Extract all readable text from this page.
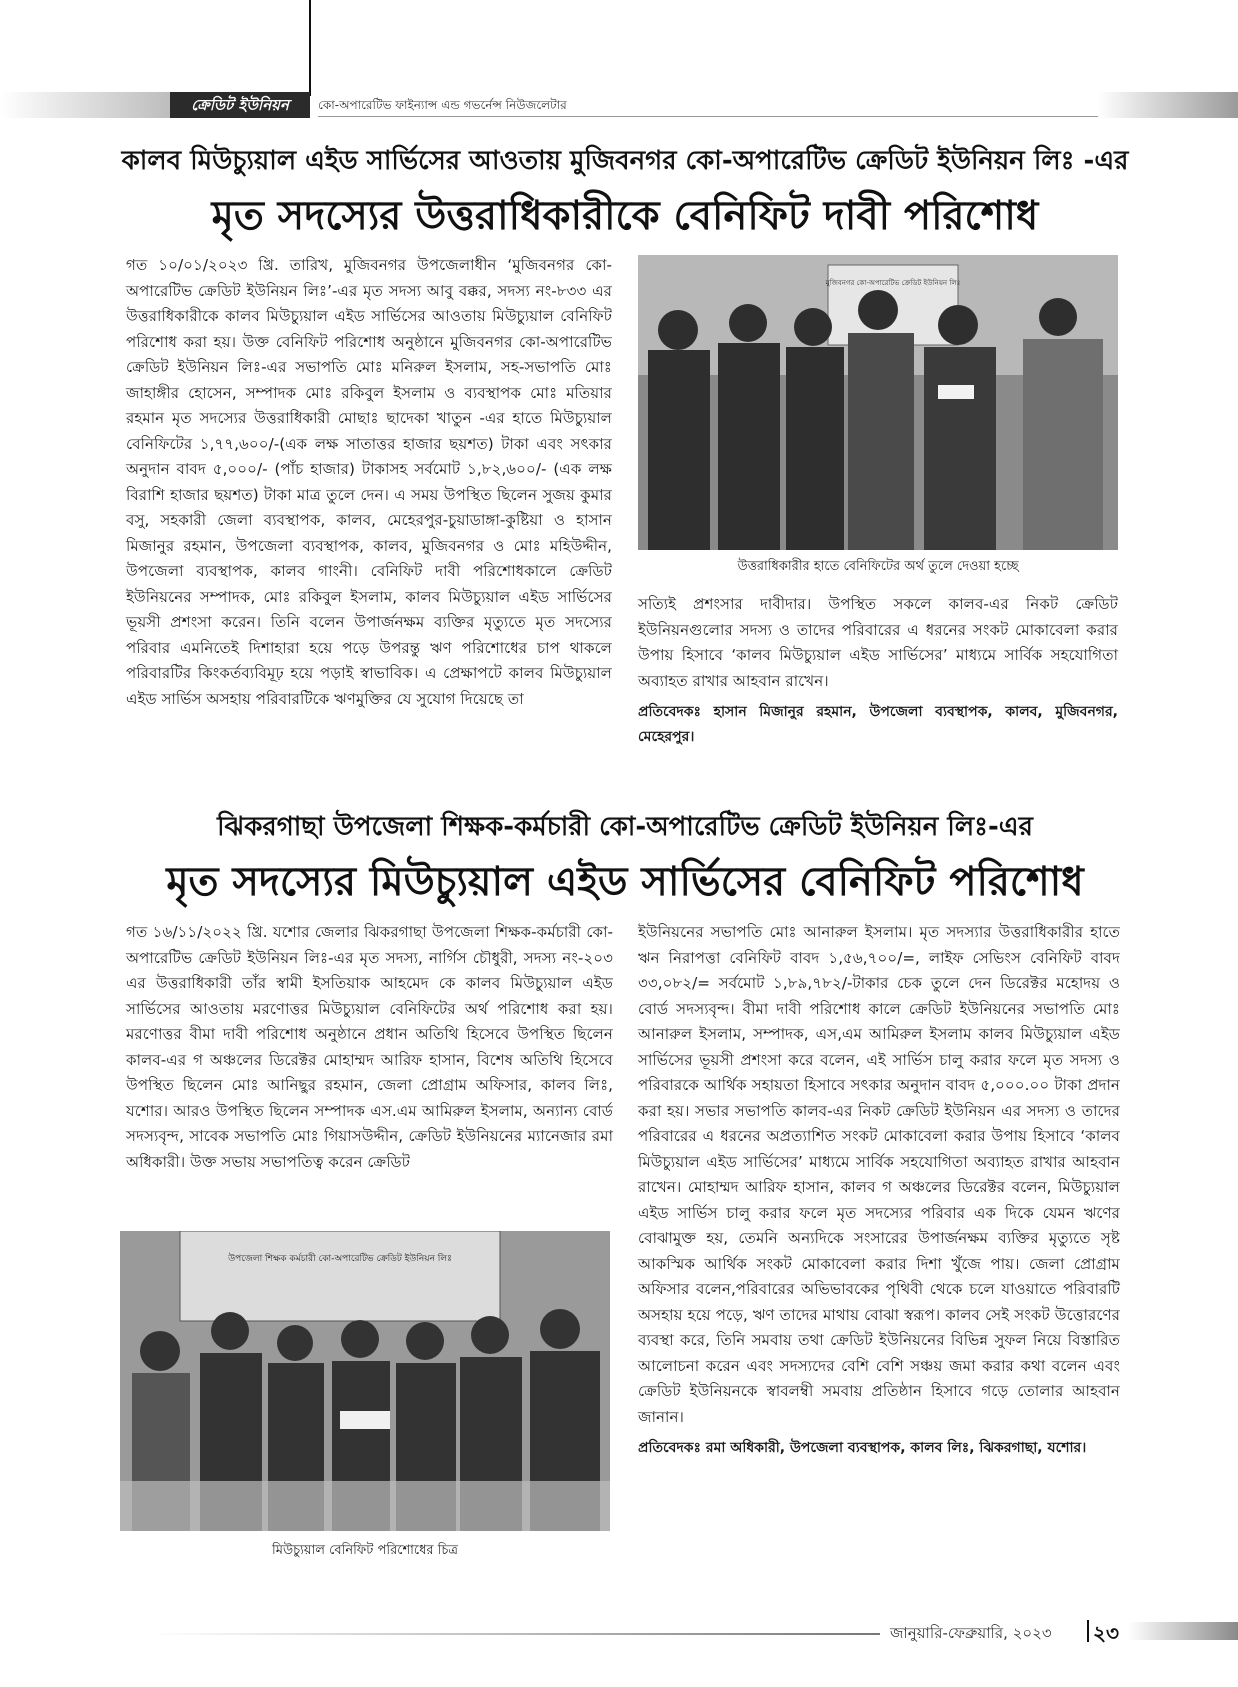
ক্রেডিট ইউনিয়ন	কো-অপারেটিভ ফাইন্যান্স এন্ড গভর্নেন্স নিউজলেটার
কালব মিউচ্যুয়াল এইড সার্ভিসের আওতায় মুজিবনগর কো-অপারেটিভ ক্রেডিট ইউনিয়ন লিঃ -এর
মৃত সদস্যের উত্তরাধিকারীকে বেনিফিট দাবী পরিশোধ

গত ১০/০১/২০২৩ খ্রি. তারিখ, মুজিবনগর উপজেলাধীন ‘মুজিবনগর কো-অপারেটিভ ক্রেডিট ইউনিয়ন লিঃ’-এর মৃত সদস্য আবু বক্কর, সদস্য নং-৮৩৩ এর উত্তরাধিকারীকে কালব মিউচ্যুয়াল এইড সার্ভিসের আওতায় মিউচ্যুয়াল বেনিফিট পরিশোধ করা হয়। উক্ত বেনিফিট পরিশোধ অনুষ্ঠানে মুজিবনগর কো-অপারেটিভ ক্রেডিট ইউনিয়ন লিঃ-এর সভাপতি মোঃ মনিরুল ইসলাম, সহ-সভাপতি মোঃ জাহাঙ্গীর হোসেন, সম্পাদক মোঃ রকিবুল ইসলাম ও ব্যবস্থাপক মোঃ মতিয়ার রহমান মৃত সদস্যের উত্তরাধিকারী মোছাঃ ছাদেকা খাতুন -এর হাতে মিউচ্যুয়াল বেনিফিটের ১,৭৭,৬০০/-(এক লক্ষ সাতাত্তর হাজার ছয়শত) টাকা এবং সৎকার অনুদান বাবদ ৫,০০০/- (পাঁচ হাজার) টাকাসহ সর্বমোট ১,৮২,৬০০/- (এক লক্ষ বিরাশি হাজার ছয়শত) টাকা মাত্র তুলে দেন। এ সময় উপস্থিত ছিলেন সুজয় কুমার বসু, সহকারী জেলা ব্যবস্থাপক, কালব, মেহেরপুর-চুয়াডাঙ্গা-কুষ্টিয়া ও হাসান মিজানুর রহমান, উপজেলা ব্যবস্থাপক, কালব, মুজিবনগর ও মোঃ মহিউদ্দীন, উপজেলা ব্যবস্থাপক, কালব গাংনী। বেনিফিট দাবী পরিশোধকালে ক্রেডিট ইউনিয়নের সম্পাদক, মোঃ রকিবুল ইসলাম, কালব মিউচ্যুয়াল এইড সার্ভিসের ভূয়সী প্রশংসা করেন। তিনি বলেন উপার্জনক্ষম ব্যক্তির মৃত্যুতে মৃত সদস্যের পরিবার এমনিতেই দিশাহারা হয়ে পড়ে উপরন্তু ঋণ পরিশোধের চাপ থাকলে পরিবারটির কিংকর্তব্যবিমূঢ় হয়ে পড়াই স্বাভাবিক। এ প্রেক্ষাপটে কালব মিউচ্যুয়াল এইড সার্ভিস অসহায় পরিবারটিকে ঋণমুক্তির যে সুযোগ দিয়েছে তা

মুজিবনগর কো-অপারেটিভ ক্রেডিট ইউনিয়ন লিঃ
উত্তরাধিকারীর হাতে বেনিফিটের অর্থ তুলে দেওয়া হচ্ছে

সত্যিই প্রশংসার দাবীদার। উপস্থিত সকলে কালব-এর নিকট ক্রেডিট ইউনিয়নগুলোর সদস্য ও তাদের পরিবারের এ ধরনের সংকট মোকাবেলা করার উপায় হিসাবে ‘কালব মিউচ্যুয়াল এইড সার্ভিসের’ মাধ্যমে সার্বিক সহযোগিতা অব্যাহত রাখার আহবান রাখেন।

প্রতিবেদকঃ হাসান মিজানুর রহমান, উপজেলা ব্যবস্থাপক, কালব, মুজিবনগর, মেহেরপুর।

ঝিকরগাছা উপজেলা শিক্ষক-কর্মচারী কো-অপারেটিভ ক্রেডিট ইউনিয়ন লিঃ-এর
মৃত সদস্যের মিউচ্যুয়াল এইড সার্ভিসের বেনিফিট পরিশোধ

গত ১৬/১১/২০২২ খ্রি. যশোর জেলার ঝিকরগাছা উপজেলা শিক্ষক-কর্মচারী কো-অপারেটিভ ক্রেডিট ইউনিয়ন লিঃ-এর মৃত সদস্য, নার্গিস চৌধুরী, সদস্য নং-২০৩ এর উত্তরাধিকারী তাঁর স্বামী ইসতিয়াক আহমেদ কে কালব মিউচ্যুয়াল এইড সার্ভিসের আওতায় মরণোত্তর মিউচ্যুয়াল বেনিফিটের অর্থ পরিশোধ করা হয়। মরণোত্তর বীমা দাবী পরিশোধ অনুষ্ঠানে প্রধান অতিথি হিসেবে উপস্থিত ছিলেন কালব-এর গ অঞ্চলের ডিরেক্টর মোহাম্মদ আরিফ হাসান, বিশেষ অতিথি হিসেবে উপস্থিত ছিলেন মোঃ আনিছুর রহমান, জেলা প্রোগ্রাম অফিসার, কালব লিঃ, যশোর। আরও উপস্থিত ছিলেন সম্পাদক এস.এম আমিরুল ইসলাম, অন্যান্য বোর্ড সদস্যবৃন্দ, সাবেক সভাপতি মোঃ গিয়াসউদ্দীন, ক্রেডিট ইউনিয়নের ম্যানেজার রমা অধিকারী। উক্ত সভায় সভাপতিত্ব করেন ক্রেডিট

উপজেলা শিক্ষক কর্মচারী কো-অপারেটিভ ক্রেডিট ইউনিয়ন লিঃ
মিউচ্যুয়াল বেনিফিট পরিশোধের চিত্র

ইউনিয়নের সভাপতি মোঃ আনারুল ইসলাম। মৃত সদস্যার উত্তরাধিকারীর হাতে ঋন নিরাপত্তা বেনিফিট বাবদ ১,৫৬,৭০০/=, লাইফ সেভিংস বেনিফিট বাবদ ৩৩,০৮২/= সর্বমোট ১,৮৯,৭৮২/-টাকার চেক তুলে দেন ডিরেক্টর মহোদয় ও বোর্ড সদস্যবৃন্দ। বীমা দাবী পরিশোধ কালে ক্রেডিট ইউনিয়নের সভাপতি মোঃ আনারুল ইসলাম, সম্পাদক, এস,এম আমিরুল ইসলাম কালব মিউচ্যুয়াল এইড সার্ভিসের ভূয়সী প্রশংসা করে বলেন, এই সার্ভিস চালু করার ফলে মৃত সদস্য ও পরিবারকে আর্থিক সহায়তা হিসাবে সৎকার অনুদান বাবদ ৫,০০০.০০ টাকা প্রদান করা হয়। সভার সভাপতি কালব-এর নিকট ক্রেডিট ইউনিয়ন এর সদস্য ও তাদের পরিবারের এ ধরনের অপ্রত্যাশিত সংকট মোকাবেলা করার উপায় হিসাবে ‘কালব মিউচ্যুয়াল এইড সার্ভিসের’ মাধ্যমে সার্বিক সহযোগিতা অব্যাহত রাখার আহবান রাখেন। মোহাম্মদ আরিফ হাসান, কালব গ অঞ্চলের ডিরেক্টর বলেন, মিউচ্যুয়াল এইড সার্ভিস চালু করার ফলে মৃত সদস্যের পরিবার এক দিকে যেমন ঋণের বোঝামুক্ত হয়, তেমনি অন্যদিকে সংসারের উপার্জনক্ষম ব্যক্তির মৃত্যুতে সৃষ্ট আকস্মিক আর্থিক সংকট মোকাবেলা করার দিশা খুঁজে পায়। জেলা প্রোগ্রাম অফিসার বলেন,পরিবারের অভিভাবকের পৃথিবী থেকে চলে যাওয়াতে পরিবারটি অসহায় হয়ে পড়ে, ঋণ তাদের মাথায় বোঝা স্বরূপ। কালব সেই সংকট উত্তোরণের ব্যবস্থা করে, তিনি সমবায় তথা ক্রেডিট ইউনিয়নের বিভিন্ন সুফল নিয়ে বিস্তারিত আলোচনা করেন এবং সদস্যদের বেশি বেশি সঞ্চয় জমা করার কথা বলেন এবং ক্রেডিট ইউনিয়নকে স্বাবলম্বী সমবায় প্রতিষ্ঠান হিসাবে গড়ে তোলার আহবান জানান।

প্রতিবেদকঃ রমা অধিকারী, উপজেলা ব্যবস্থাপক, কালব লিঃ, ঝিকরগাছা, যশোর।

জানুয়ারি-ফেব্রুয়ারি, ২০২৩ ২৩
